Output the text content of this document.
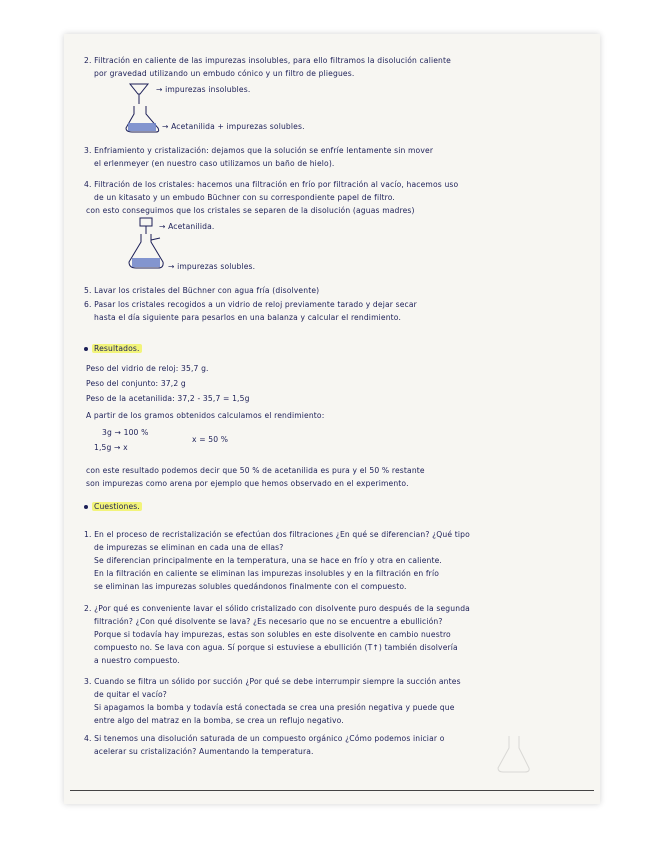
2. Filtración en caliente de las impurezas insolubles, para ello filtramos la disolución caliente
por gravedad utilizando un embudo cónico y un filtro de pliegues.
→ impurezas insolubles.
→ Acetanilida + impurezas solubles.
3. Enfriamiento y cristalización: dejamos que la solución se enfríe lentamente sin mover
el erlenmeyer (en nuestro caso utilizamos un baño de hielo).
4. Filtración de los cristales: hacemos una filtración en frío por filtración al vacío, hacemos uso
de un kitasato y un embudo Büchner con su correspondiente papel de filtro.
con esto conseguimos que los cristales se separen de la disolución (aguas madres)
→ Acetanilida.
→ impurezas solubles.
5. Lavar los cristales del Büchner con agua fría (disolvente)
6. Pasar los cristales recogidos a un vidrio de reloj previamente tarado y dejar secar
hasta el día siguiente para pesarlos en una balanza y calcular el rendimiento.
Resultados.
Peso del vidrio de reloj: 35,7 g.
Peso del conjunto: 37,2 g
Peso de la acetanilida: 37,2 - 35,7 = 1,5g
A partir de los gramos obtenidos calculamos el rendimiento:
3g → 100 %
1,5g → x
x = 50 %
con este resultado podemos decir que 50 % de acetanilida es pura y el 50 % restante
son impurezas como arena por ejemplo que hemos observado en el experimento.
Cuestiones.
1. En el proceso de recristalización se efectúan dos filtraciones ¿En qué se diferencian? ¿Qué tipo
de impurezas se eliminan en cada una de ellas?
Se diferencian principalmente en la temperatura, una se hace en frío y otra en caliente.
En la filtración en caliente se eliminan las impurezas insolubles y en la filtración en frío
se eliminan las impurezas solubles quedándonos finalmente con el compuesto.
2. ¿Por qué es conveniente lavar el sólido cristalizado con disolvente puro después de la segunda
filtración? ¿Con qué disolvente se lava? ¿Es necesario que no se encuentre a ebullición?
Porque si todavía hay impurezas, estas son solubles en este disolvente en cambio nuestro
compuesto no. Se lava con agua. Sí porque si estuviese a ebullición (T↑) también disolvería
a nuestro compuesto.
3. Cuando se filtra un sólido por succión ¿Por qué se debe interrumpir siempre la succión antes
de quitar el vacío?
Si apagamos la bomba y todavía está conectada se crea una presión negativa y puede que
entre algo del matraz en la bomba, se crea un reflujo negativo.
4. Si tenemos una disolución saturada de un compuesto orgánico ¿Cómo podemos iniciar o
acelerar su cristalización? Aumentando la temperatura.
